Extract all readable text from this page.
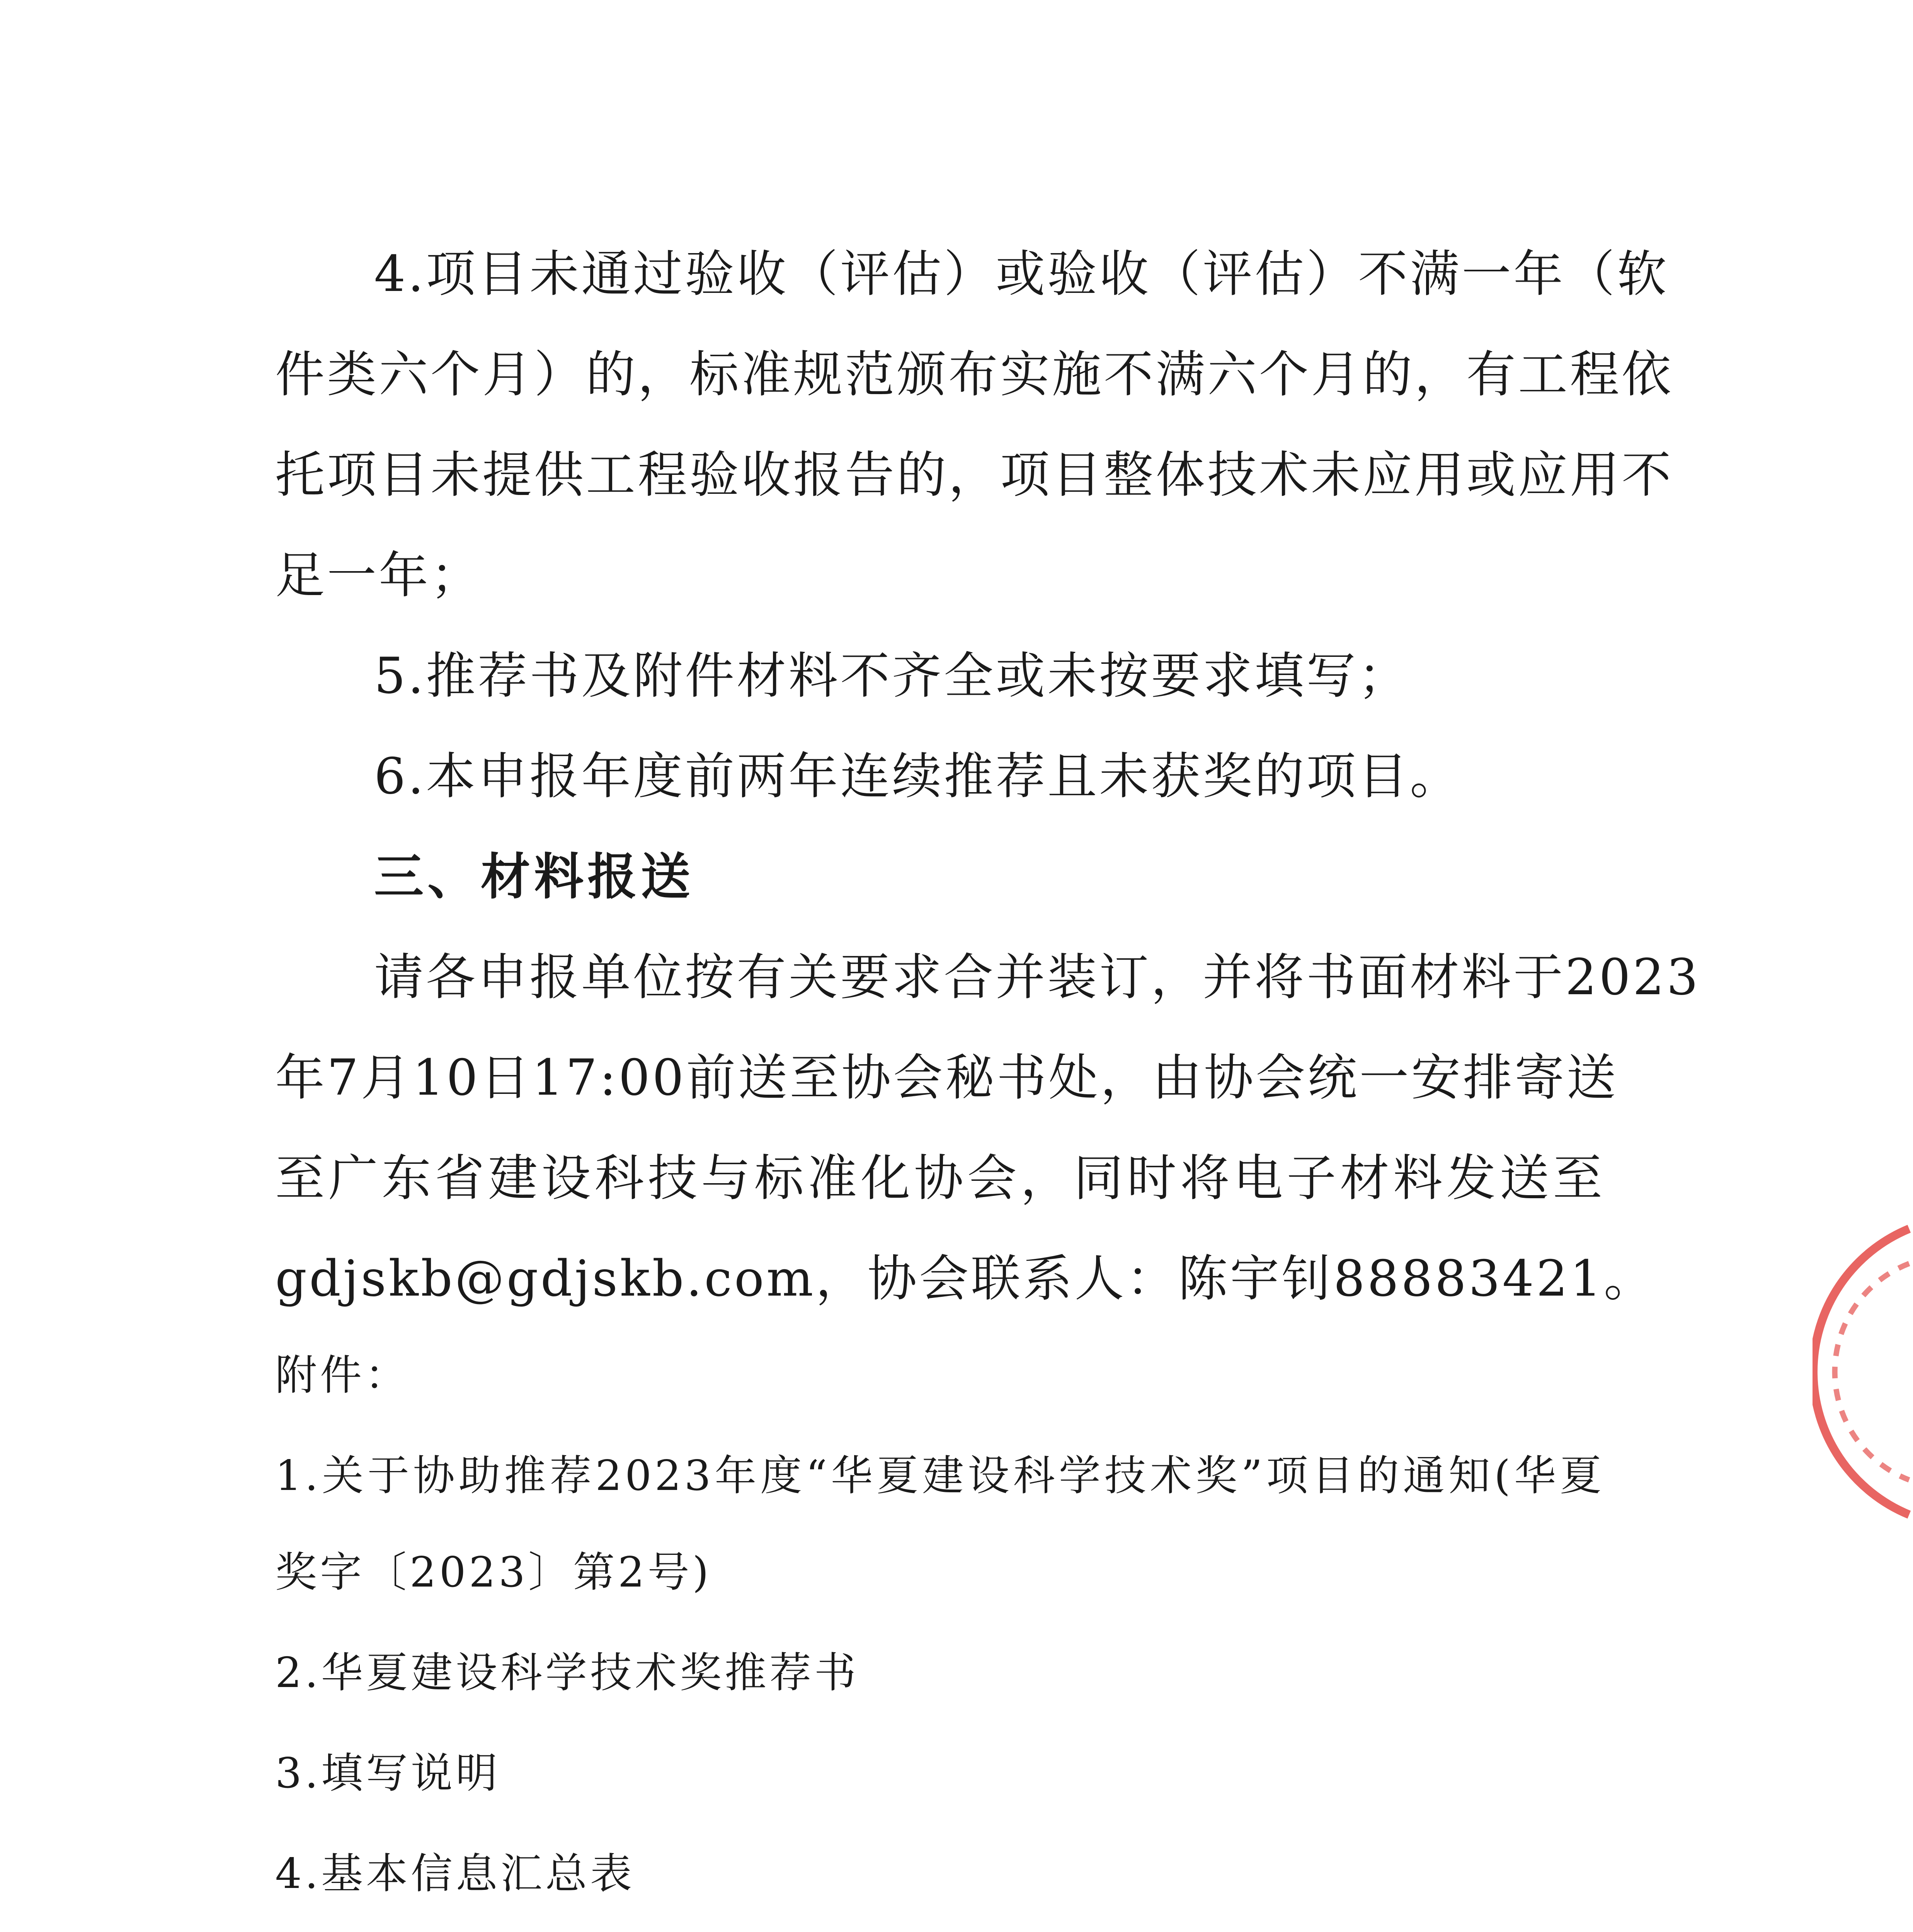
4.项目未通过验收（评估）或验收（评估）不满一年（软
件类六个月）的，标准规范颁布实施不满六个月的，有工程依
托项目未提供工程验收报告的，项目整体技术未应用或应用不
足一年；
5.推荐书及附件材料不齐全或未按要求填写；
6.本申报年度前两年连续推荐且未获奖的项目。
三、材料报送
请各申报单位按有关要求合并装订，并将书面材料于2023
年7月10日17:00前送至协会秘书处，由协会统一安排寄送
至广东省建设科技与标准化协会，同时将电子材料发送至
gdjskb@gdjskb.com，协会联系人：陈宇钊88883421。
附件：
1.关于协助推荐2023年度“华夏建设科学技术奖”项目的通知(华夏
奖字〔2023〕第2号)
2.华夏建设科学技术奖推荐书
3.填写说明
4.基本信息汇总表
